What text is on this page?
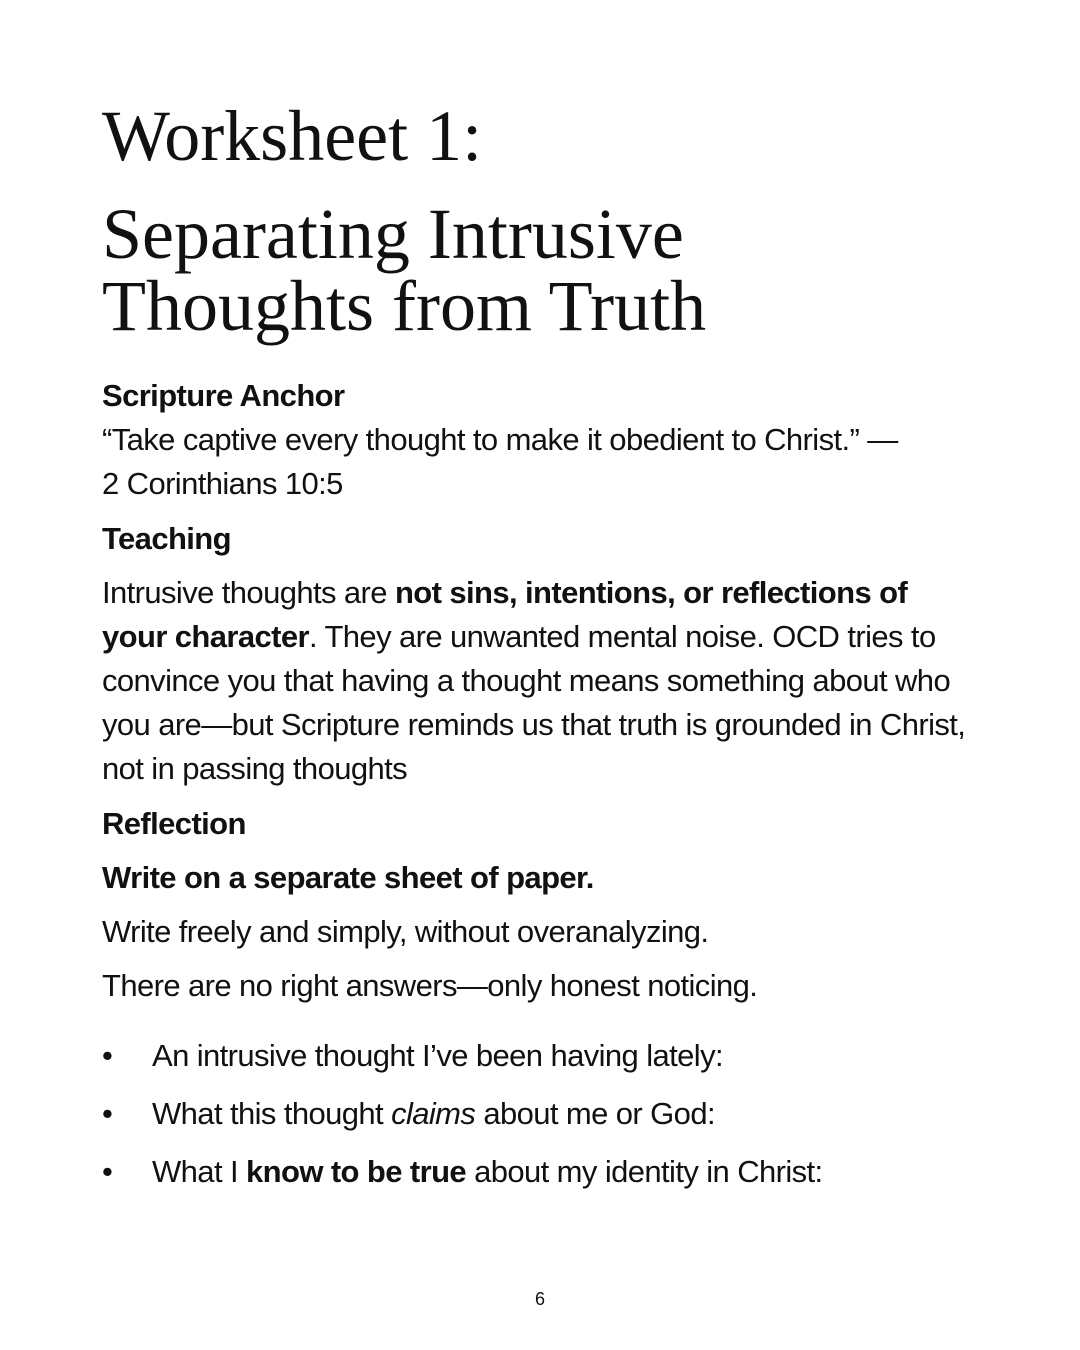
Worksheet 1:
Separating Intrusive Thoughts from Truth
Scripture Anchor
“Take captive every thought to make it obedient to Christ.” —
2 Corinthians 10:5
Teaching

Intrusive thoughts are not sins, intentions, or reflections of your character. They are unwanted mental noise. OCD tries to convince you that having a thought means something about who you are—but Scripture reminds us that truth is grounded in Christ, not in passing thoughts

Reflection

Write on a separate sheet of paper.

Write freely and simply, without overanalyzing.

There are no right answers—only honest noticing.

•	An intrusive thought I’ve been having lately:
•	What this thought claims about me or God:
•	What I know to be true about my identity in Christ:
6
